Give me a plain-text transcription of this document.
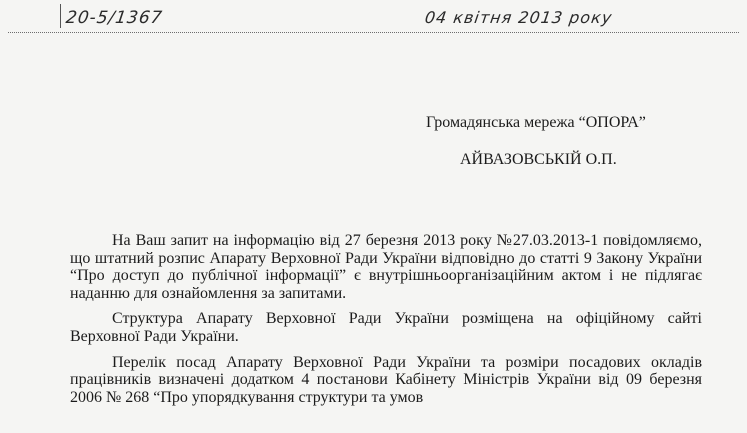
20-5/1367	04 квітня 2013 року
Громадянська мережа “ОПОРА”
АЙВАЗОВСЬКІЙ О.П.

На Ваш запит на інформацію від 27 березня 2013 року №27.03.2013-1 повідомляємо, що штатний розпис Апарату Верховної Ради України відповідно до статті 9 Закону України “Про доступ до публічної інформації” є внутрішньоорганізаційним актом і не підлягає наданню для ознайомлення за запитами.

Структура Апарату Верховної Ради України розміщена на офіційному сайті Верховної Ради України.

Перелік посад Апарату Верховної Ради України та розміри посадових окладів працівників визначені додатком 4 постанови Кабінету Міністрів України від 09 березня 2006 № 268 “Про упорядкування структури та умов
